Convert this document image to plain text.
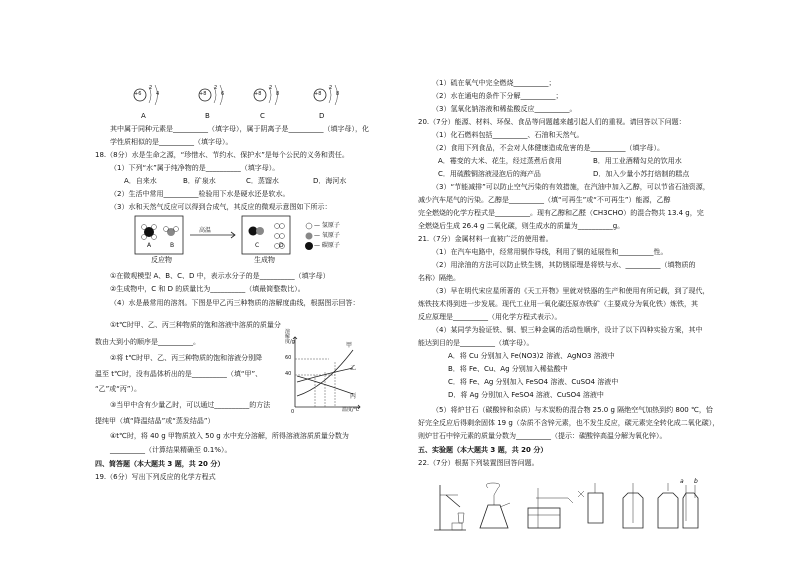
+6
2
4	+8
2
6	+8
2
8	+8
2
8
A	B	C	D
其中属于同种元素是__________（填字母），属于阴离子是__________（填字母），化
学性质相似的是__________（填字母）。
18.（8分）水是生命之源，“珍惜水、节约水、保护水”是每个公民的义务和责任。
（1）下列“水”属于纯净物的是__________（填字母）。
A．自来水	B．矿泉水	C．蒸馏水	D．海河水
（2）生活中常用__________检验用下水是硬水还是软水。
（3）水和天然气反应可以得到合成气，其反应的微观示意图如下所示：
高温
A	B	C	D
反应物	生成物
— 氢原子
— 氧原子
— 碳原子
①在微观模型 A、B、C、D 中，表示水分子的是__________（填字母）
②生成物中，C 和 D 的质量比为__________（填最简整数比）。
（4）水是最常用的溶剂。下图是甲乙丙三种物质的溶解度曲线，根据图示回答：
①t℃时甲、乙、丙三种物质的饱和溶液中溶质的质量分
数由大到小的顺序是__________。
②将 t℃时甲、乙、丙三种物质的饱和溶液分别降
温至 t℃时，没有晶体析出的是__________（填“甲”、
“乙”或“丙”）。
③当甲中含有少量乙时，可以通过__________的方法
提纯甲（填“降温结晶”或“蒸发结晶”）
溶解度/g
60
40
0	温度/℃
甲
乙
丙
④t℃时，将 40 g 甲物质放入 50 g 水中充分溶解，所得溶液溶质质量分数为
__________（计算结果精确至 0.1%）。
四、简答题（本大题共 3 题，共 20 分）
19.（6分）写出下列反应的化学方程式
（1）硫在氧气中完全燃烧__________；
（2）水在通电的条件下分解__________；
（3）氢氧化钠溶液和稀盐酸反应__________。
20.（7分）能源、材料、环保、食品等问题越来越引起人们的重视。请回答以下问题：
（1）化石燃料包括__________、石油和天然气。
（2）食用下列食品，不会对人体健康造成危害的是__________（填字母）。
A．霉变的大米、花生，经过蒸煮后食用	B．用工业酒精勾兑的饮用水
C．用硫酸铜溶液浸泡后的海产品	D．加入少量小苏打焙制的糕点
（3）“节能减排”可以防止空气污染的有效措施，在汽油中加入乙醇，可以节省石油资源，
减少汽车尾气的污染。乙醇是__________（填“可再生”或“不可再生”）能源，乙醇
完全燃烧的化学方程式是__________。现有乙醇和乙醛（CH3CHO）的混合物共 13.4 g，完
全燃烧后生成 26.4 g 二氧化碳，则生成水的质量为__________g。
21.（7分）金属材料一直被广泛的使用着。
（1）在汽车电路中，经常用铜作导线，利用了铜的延展性和__________性。
（2）用涂油的方法可以防止铁生锈，其防锈原理是将铁与水、__________（填物质的
名称）隔绝。
（3）早在明代宋应星所著的《天工开物》里就对铁器的生产和使用有所记载，到了现代，
炼铁技术得到进一步发展。现代工业用一氧化碳还原赤铁矿（主要成分为氧化铁）炼铁，其
反应原理是__________（用化学方程式表示）。
（4）某同学为验证铁、铜、银三种金属的活动性顺序，设计了以下四种实验方案，其中
能达到目的是__________（填字母）。
A．将 Cu 分别加入 Fe(NO3)2 溶液、AgNO3 溶液中
B．将 Fe、Cu、Ag 分别加入稀盐酸中
C．将 Fe、Ag 分别加入 FeSO4 溶液、CuSO4 溶液中
D．将 Ag 分别加入 FeSO4 溶液、CuSO4 溶液中
（5）将炉甘石（碳酸锌和杂质）与木炭粉的混合物 25.0 g 隔绝空气加热到约 800 ℃，恰
好完全反应后得剩余固体 19 g（杂质不含锌元素，也不发生反应，碳元素完全转化成二氧化碳），
则炉甘石中锌元素的质量分数为__________（提示：碳酸锌高温分解为氧化锌）。
五、实验题（本大题共 3 题，共 20 分）
22.（7分）根据下列装置图回答问题。
a b
